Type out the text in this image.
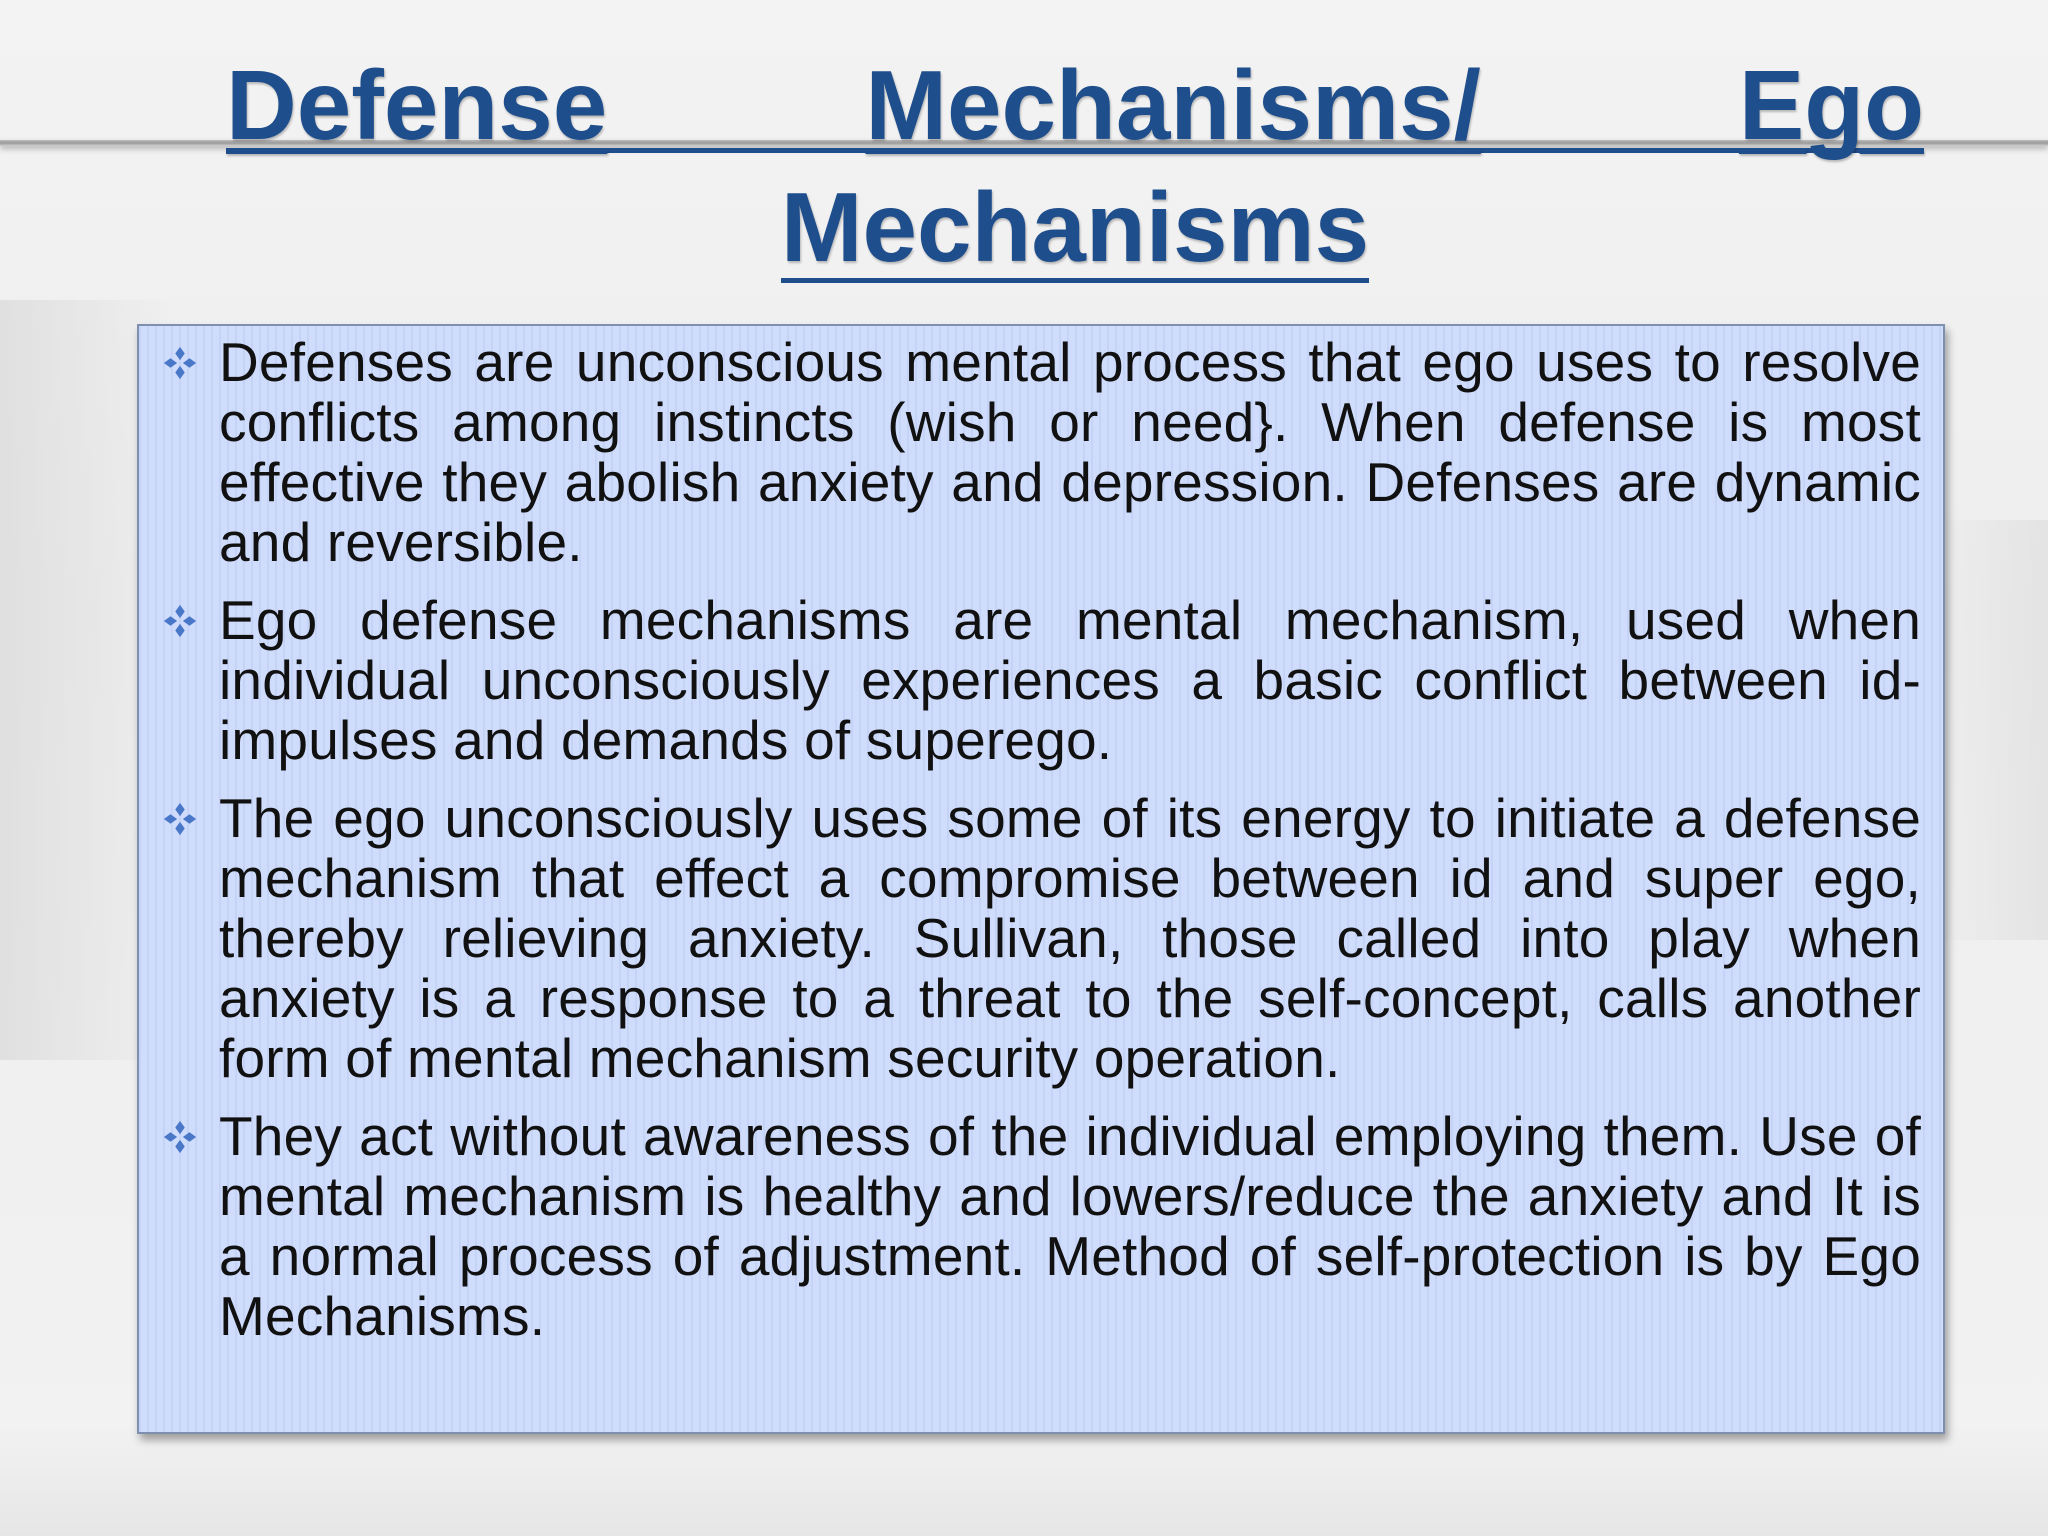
Defense	Mechanisms/	Ego
Mechanisms
Defenses are unconscious mental process that ego uses to resolve conflicts among instincts (wish or need}. When defense is most effective they abolish anxiety and depression. Defenses are dynamic and reversible.
Ego defense mechanisms are mental mechanism, used when individual unconsciously experiences a basic conflict between id-impulses and demands of superego.
The ego unconsciously uses some of its energy to initiate a defense mechanism that effect a compromise between id and super ego, thereby relieving anxiety. Sullivan, those called into play when anxiety is a response to a threat to the self-concept, calls another form of mental mechanism security operation.
They act without awareness of the individual employing them. Use of mental mechanism is healthy and lowers/reduce the anxiety and It is a normal process of adjustment. Method of self-protection is by Ego Mechanisms.
